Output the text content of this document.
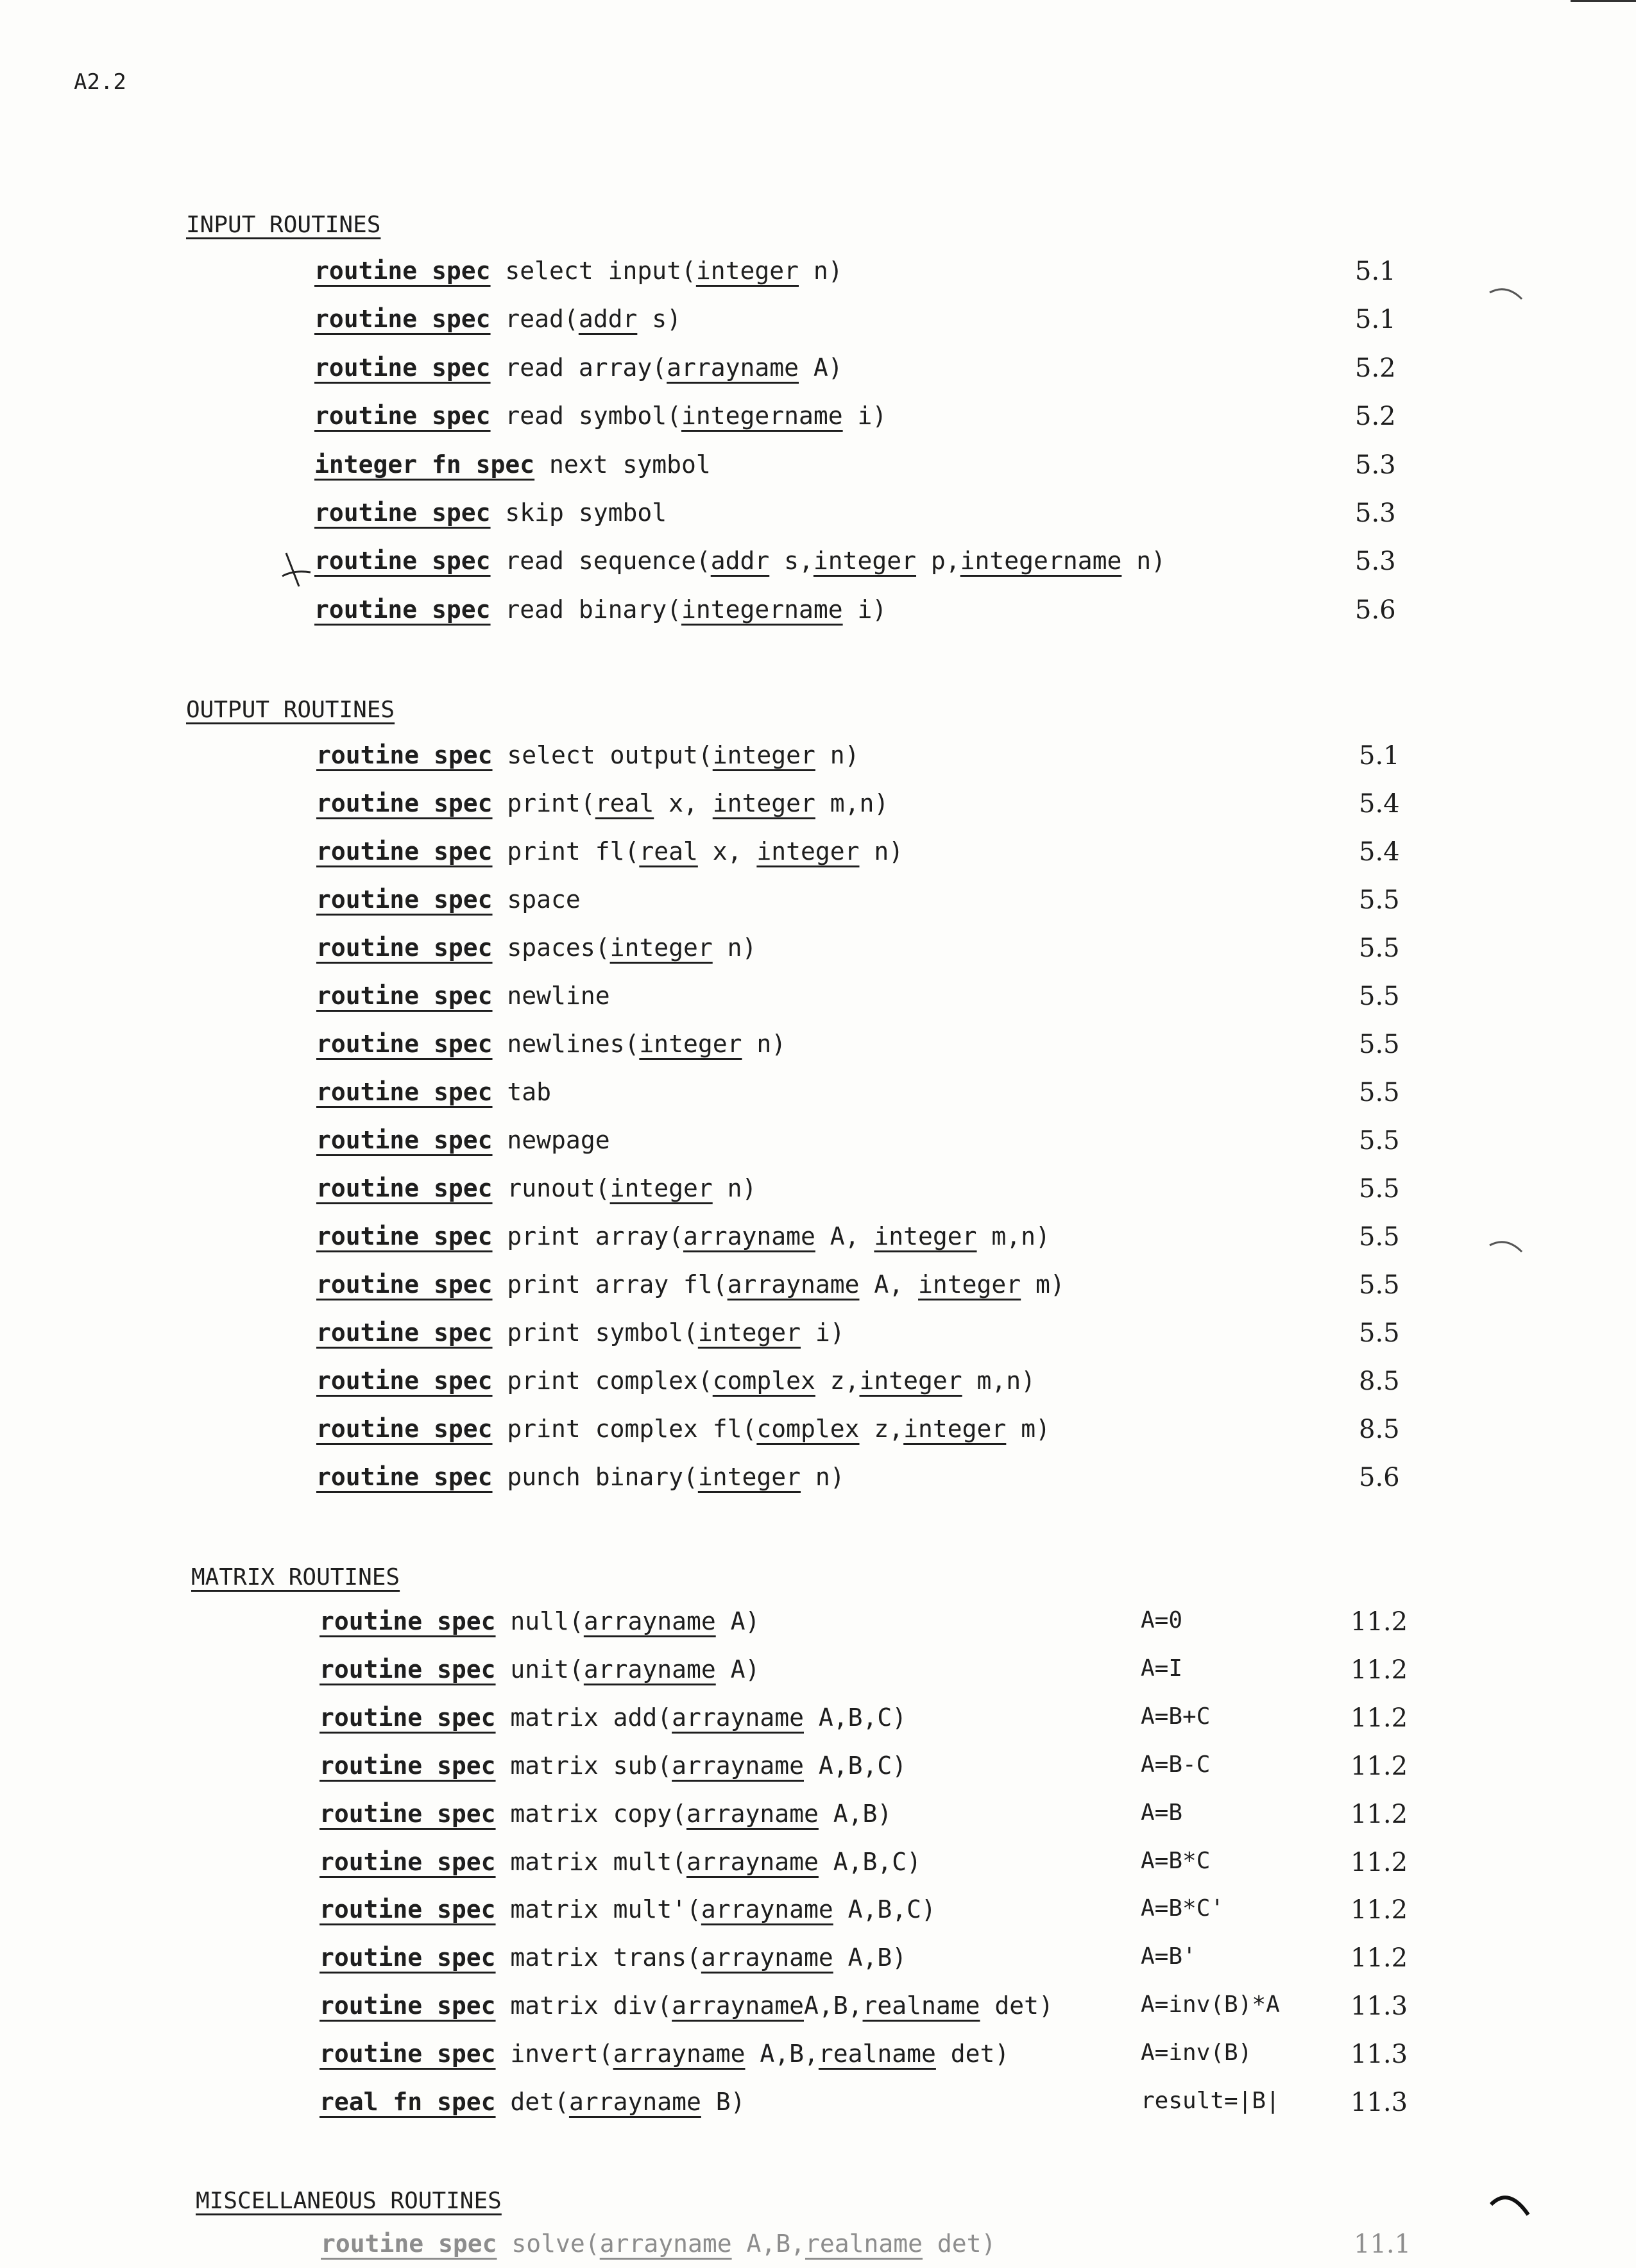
A2.2
INPUT ROUTINES
routine spec select input(integer n)	5.1
routine spec read(addr s)	5.1
routine spec read array(arrayname A)	5.2
routine spec read symbol(integername i)	5.2
integer fn spec next symbol	5.3
routine spec skip symbol	5.3
routine spec read sequence(addr s,integer p,integername n)	5.3
routine spec read binary(integername i)	5.6
OUTPUT ROUTINES
routine spec select output(integer n)	5.1
routine spec print(real x, integer m,n)	5.4
routine spec print fl(real x, integer n)	5.4
routine spec space	5.5
routine spec spaces(integer n)	5.5
routine spec newline	5.5
routine spec newlines(integer n)	5.5
routine spec tab	5.5
routine spec newpage	5.5
routine spec runout(integer n)	5.5
routine spec print array(arrayname A, integer m,n)	5.5
routine spec print array fl(arrayname A, integer m)	5.5
routine spec print symbol(integer i)	5.5
routine spec print complex(complex z,integer m,n)	8.5
routine spec print complex fl(complex z,integer m)	8.5
routine spec punch binary(integer n)	5.6
MATRIX ROUTINES
routine spec null(arrayname A)	A=0	11.2
routine spec unit(arrayname A)	A=I	11.2
routine spec matrix add(arrayname A,B,C)	A=B+C	11.2
routine spec matrix sub(arrayname A,B,C)	A=B-C	11.2
routine spec matrix copy(arrayname A,B)	A=B	11.2
routine spec matrix mult(arrayname A,B,C)	A=B*C	11.2
routine spec matrix mult'(arrayname A,B,C)	A=B*C'	11.2
routine spec matrix trans(arrayname A,B)	A=B'	11.2
routine spec matrix div(arraynameA,B,realname det)	A=inv(B)*A	11.3
routine spec invert(arrayname A,B,realname det)	A=inv(B)	11.3
real fn spec det(arrayname B)	result=|B|	11.3
MISCELLANEOUS ROUTINES
routine spec solve(arrayname A,B,realname det)	11.1
